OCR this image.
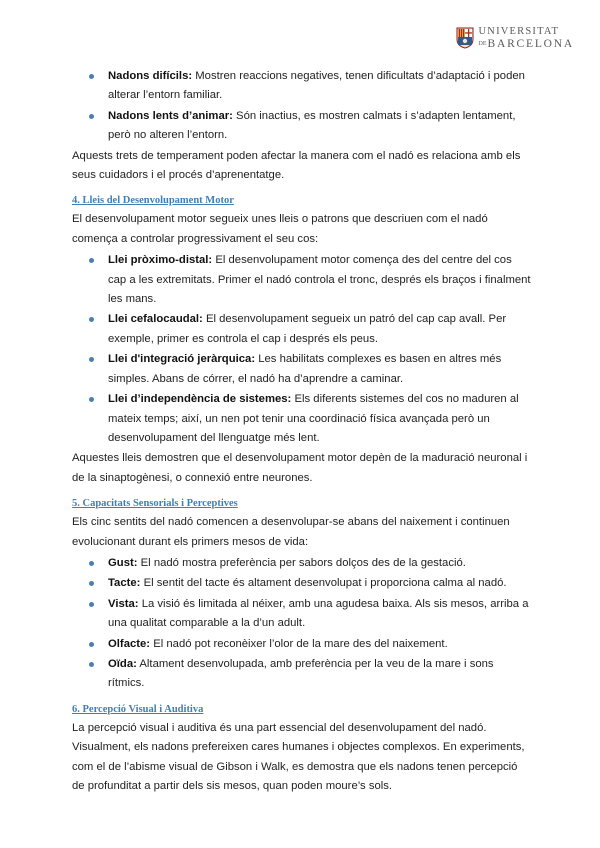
UNIVERSITAT
$^{DE}$BARCELONA
Nadons difícils: Mostren reaccions negatives, tenen dificultats d’adaptació i poden alterar l’entorn familiar.
Nadons lents d’animar: Són inactius, es mostren calmats i s’adapten lentament, però no alteren l’entorn.

Aquests trets de temperament poden afectar la manera com el nadó es relaciona amb els seus cuidadors i el procés d’aprenentatge.

4. Lleis del Desenvolupament Motor

El desenvolupament motor segueix unes lleis o patrons que descriuen com el nadó comença a controlar progressivament el seu cos:

Llei pròximo-distal: El desenvolupament motor comença des del centre del cos cap a les extremitats. Primer el nadó controla el tronc, després els braços i finalment les mans.
Llei cefalocaudal: El desenvolupament segueix un patró del cap cap avall. Per exemple, primer es controla el cap i després els peus.
Llei d'integració jeràrquica: Les habilitats complexes es basen en altres més simples. Abans de córrer, el nadó ha d’aprendre a caminar.
Llei d’independència de sistemes: Els diferents sistemes del cos no maduren al mateix temps; així, un nen pot tenir una coordinació física avançada però un desenvolupament del llenguatge més lent.

Aquestes lleis demostren que el desenvolupament motor depèn de la maduració neuronal i de la sinaptogènesi, o connexió entre neurones.

5. Capacitats Sensorials i Perceptives

Els cinc sentits del nadó comencen a desenvolupar-se abans del naixement i continuen evolucionant durant els primers mesos de vida:

Gust: El nadó mostra preferència per sabors dolços des de la gestació.
Tacte: El sentit del tacte és altament desenvolupat i proporciona calma al nadó.
Vista: La visió és limitada al néixer, amb una agudesa baixa. Als sis mesos, arriba a una qualitat comparable a la d’un adult.
Olfacte: El nadó pot reconèixer l’olor de la mare des del naixement.
Oïda: Altament desenvolupada, amb preferència per la veu de la mare i sons rítmics.
6. Percepció Visual i Auditiva

La percepció visual i auditiva és una part essencial del desenvolupament del nadó. Visualment, els nadons prefereixen cares humanes i objectes complexos. En experiments, com el de l’abisme visual de Gibson i Walk, es demostra que els nadons tenen percepció de profunditat a partir dels sis mesos, quan poden moure’s sols.
